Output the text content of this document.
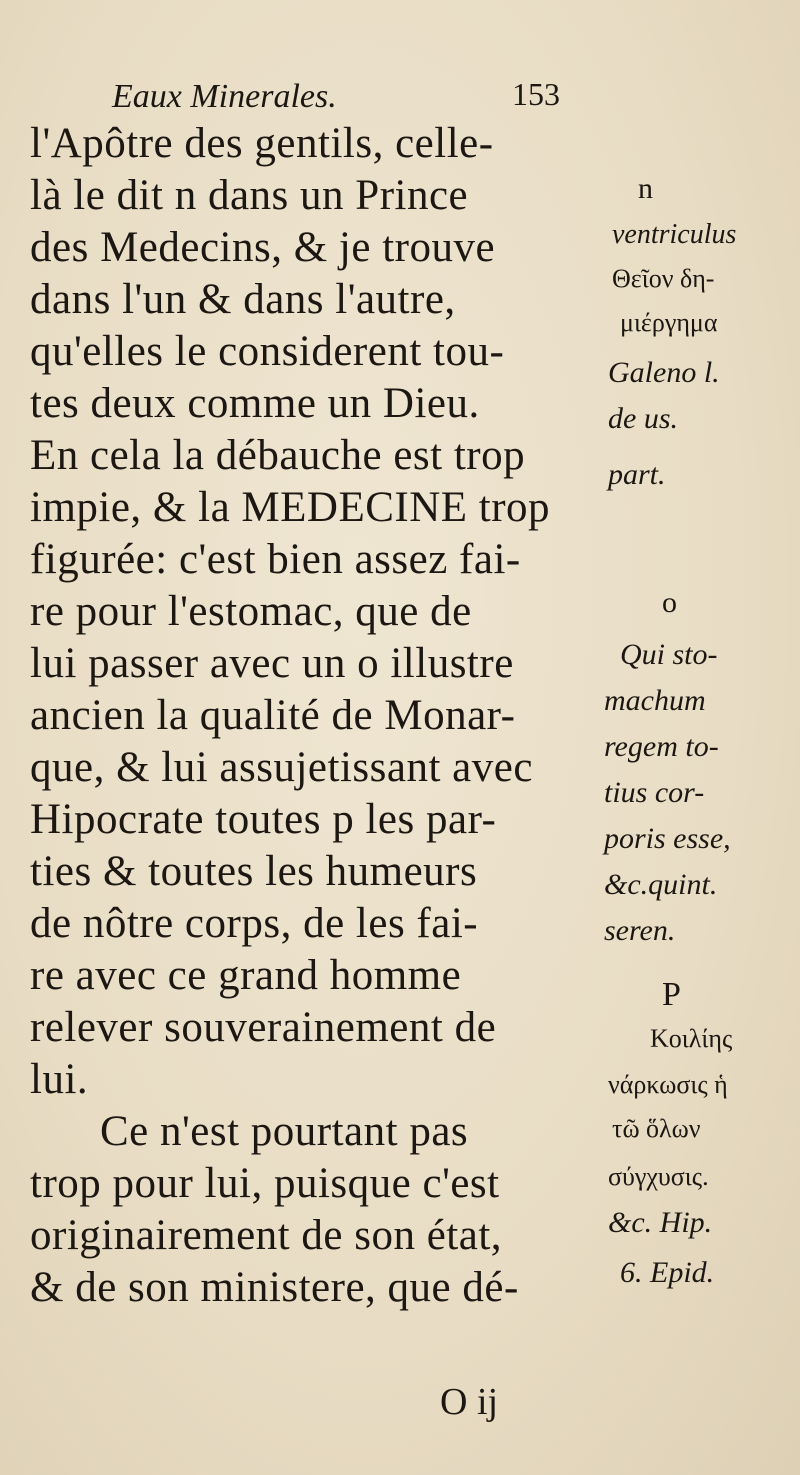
Eaux Minerales.	153
l'Apôtre des gentils, celle-
là le dit n dans un Prince
des Medecins, & je trouve
dans l'un & dans l'autre,
qu'elles le considerent tou-
tes deux comme un Dieu.
En cela la débauche est trop
impie, & la MEDECINE trop
figurée: c'est bien assez fai-
re pour l'estomac, que de
lui passer avec un o illustre
ancien la qualité de Monar-
que, & lui assujetissant avec
Hipocrate toutes p les par-
ties & toutes les humeurs
de nôtre corps, de les fai-
re avec ce grand homme
relever souverainement de
lui.
Ce n'est pourtant pas
trop pour lui, puisque c'est
originairement de son état,
& de son ministere, que dé-
n
ventriculus
Θεῖον δη-
μιέργημα
Galeno l.
de us.
part.
o
Qui sto-
machum
regem to-
tius cor-
poris esse,
&c.quint.
seren.
P
Κοιλίης
νάρκωσις ἡ
τῶ ὅλων
σύγχυσις.
&c. Hip.
6. Epid.
O ij
